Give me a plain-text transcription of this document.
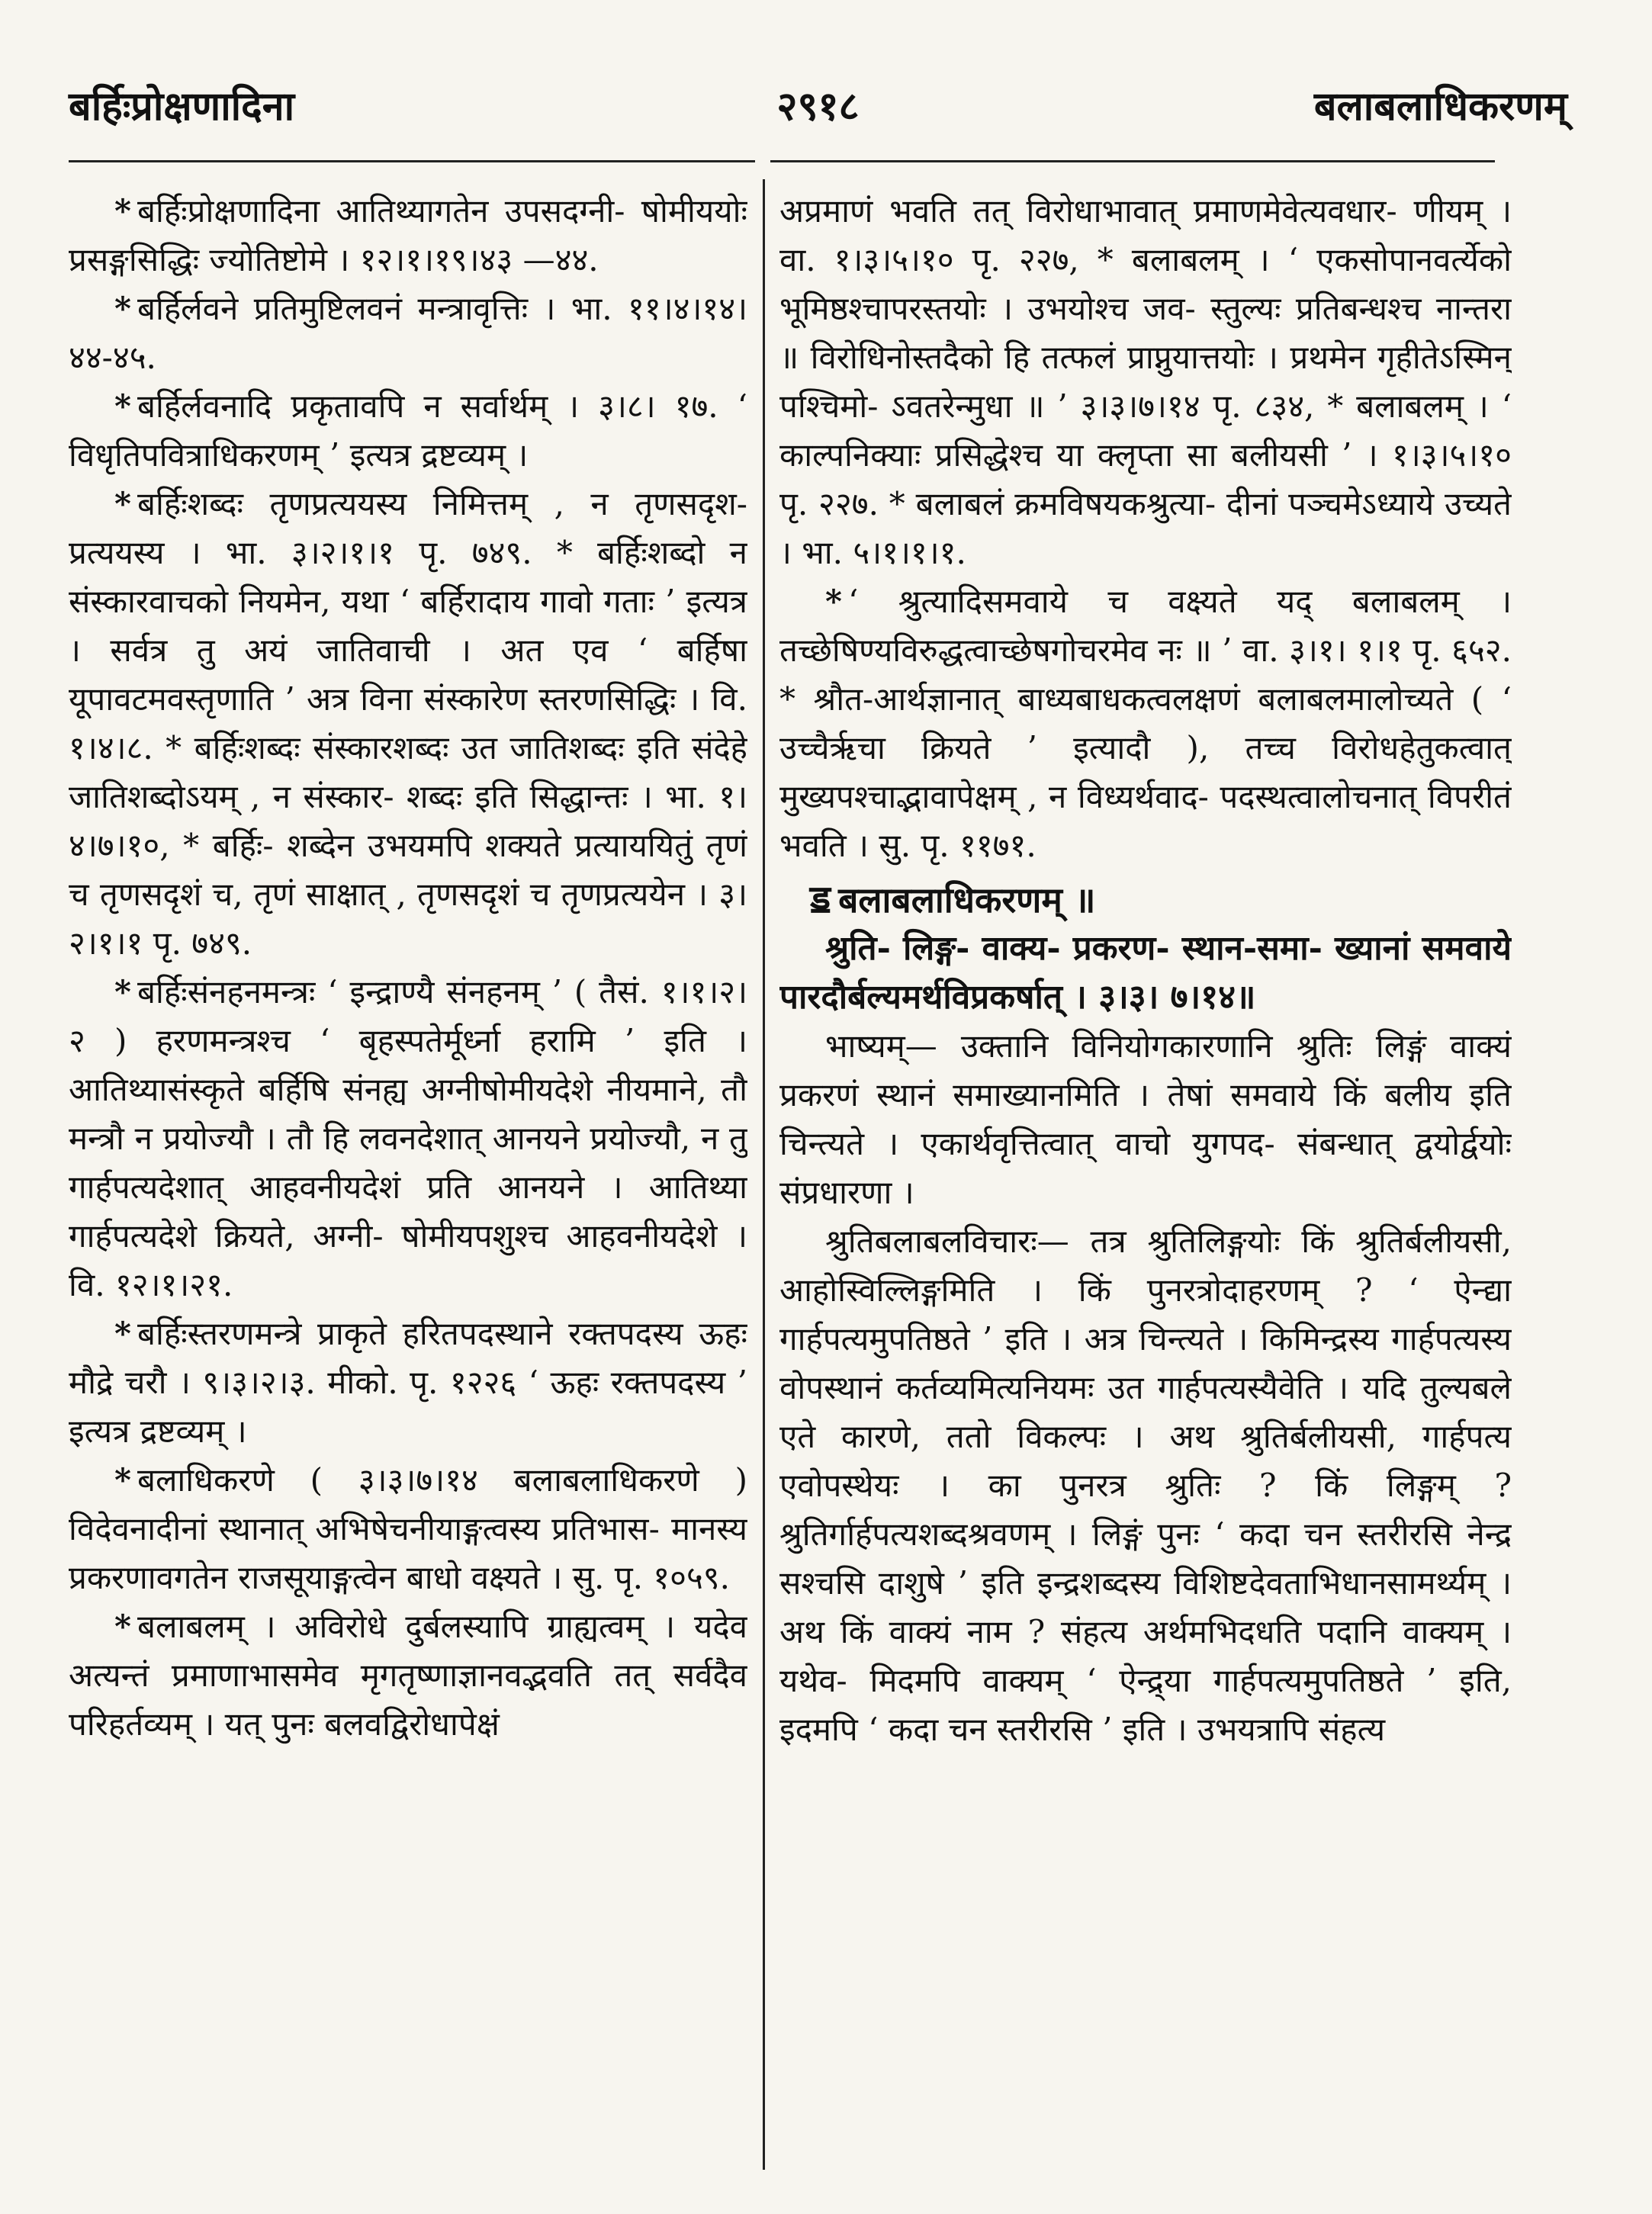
बर्हिःप्रोक्षणादिना	२९१८	बलाबलाधिकरणम्

* बर्हिःप्रोक्षणादिना आतिथ्यागतेन उपसदग्नी- षोमीययोः प्रसङ्गसिद्धिः ज्योतिष्टोमे । १२।१।१९।४३ —४४.

* बर्हिर्लवने प्रतिमुष्टिलवनं मन्त्रावृत्तिः । भा. ११।४।१४।४४-४५.

* बर्हिर्लवनादि प्रकृतावपि न सर्वार्थम् । ३।८। १७. ‘ विधृतिपवित्राधिकरणम् ’ इत्यत्र द्रष्टव्यम् ।

* बर्हिःशब्दः तृणप्रत्ययस्य निमित्तम् , न तृणसदृश- प्रत्ययस्य । भा. ३।२।१।१ पृ. ७४९. * बर्हिःशब्दो न संस्कारवाचको नियमेन, यथा ‘ बर्हिरादाय गावो गताः ’ इत्यत्र । सर्वत्र तु अयं जातिवाची । अत एव ‘ बर्हिषा यूपावटमवस्तृणाति ’ अत्र विना संस्कारेण स्तरणसिद्धिः । वि. १।४।८. * बर्हिःशब्दः संस्कारशब्दः उत जातिशब्दः इति संदेहे जातिशब्दोऽयम् , न संस्कार- शब्दः इति सिद्धान्तः । भा. १।४।७।१०, * बर्हिः- शब्देन उभयमपि शक्यते प्रत्याययितुं तृणं च तृणसदृशं च, तृणं साक्षात् , तृणसदृशं च तृणप्रत्ययेन । ३।२।१।१ पृ. ७४९.

* बर्हिःसंनहनमन्त्रः ‘ इन्द्राण्यै संनहनम् ’ ( तैसं. १।१।२।२ ) हरणमन्त्रश्च ‘ बृहस्पतेर्मूर्ध्ना हरामि ’ इति । आतिथ्यासंस्कृते बर्हिषि संनह्य अग्नीषोमीयदेशे नीयमाने, तौ मन्त्रौ न प्रयोज्यौ । तौ हि लवनदेशात् आनयने प्रयोज्यौ, न तु गार्हपत्यदेशात् आहवनीयदेशं प्रति आनयने । आतिथ्या गार्हपत्यदेशे क्रियते, अग्नी- षोमीयपशुश्च आहवनीयदेशे । वि. १२।१।२१.

* बर्हिःस्तरणमन्त्रे प्राकृते हरितपदस्थाने रक्तपदस्य ऊहः मौद्रे चरौ । ९।३।२।३. मीको. पृ. १२२६ ‘ ऊहः रक्तपदस्य ’ इत्यत्र द्रष्टव्यम् ।

* बलाधिकरणे ( ३।३।७।१४ बलाबलाधिकरणे ) विदेवनादीनां स्थानात् अभिषेचनीयाङ्गत्वस्य प्रतिभास- मानस्य प्रकरणावगतेन राजसूयाङ्गत्वेन बाधो वक्ष्यते । सु. पृ. १०५९.

* बलाबलम् । अविरोधे दुर्बलस्यापि ग्राह्यत्वम् । यदेव अत्यन्तं प्रमाणाभासमेव मृगतृष्णाज्ञानवद्भवति तत् सर्वदैव परिहर्तव्यम् । यत् पुनः बलवद्विरोधापेक्षं

अप्रमाणं भवति तत् विरोधाभावात् प्रमाणमेवेत्यवधार- णीयम् । वा. १।३।५।१० पृ. २२७, * बलाबलम् । ‘ एकसोपानवर्त्येको भूमिष्ठश्चापरस्तयोः । उभयोश्च जव- स्तुल्यः प्रतिबन्धश्च नान्तरा ॥ विरोधिनोस्तदैको हि तत्फलं प्राप्नुयात्तयोः । प्रथमेन गृहीतेऽस्मिन् पश्चिमो- ऽवतरेन्मुधा ॥ ’ ३।३।७।१४ पृ. ८३४, * बलाबलम् । ‘ काल्पनिक्याः प्रसिद्धेश्च या क्लृप्ता सा बलीयसी ’ । १।३।५।१० पृ. २२७. * बलाबलं क्रमविषयकश्रुत्या- दीनां पञ्चमेऽध्याये उच्यते । भा. ५।१।१।१.

* ‘ श्रुत्यादिसमवाये च वक्ष्यते यद् बलाबलम् । तच्छेषिण्यविरुद्धत्वाच्छेषगोचरमेव नः ॥ ’ वा. ३।१। १।१ पृ. ६५२. * श्रौत-आर्थज्ञानात् बाध्यबाधकत्वलक्षणं बलाबलमालोच्यते ( ‘ उच्चैर्ऋचा क्रियते ’ इत्यादौ ), तच्च विरोधहेतुकत्वात् मुख्यपश्चाद्भावापेक्षम् , न विध्यर्थवाद- पदस्थत्वालोचनात् विपरीतं भवति । सु. पृ. ११७१.

ॾ बलाबलाधिकरणम् ॥

श्रुति- लिङ्ग- वाक्य- प्रकरण- स्थान-समा- ख्यानां समवाये पारदौर्बल्यमर्थविप्रकर्षात् । ३।३। ७।१४॥

भाष्यम्— उक्तानि विनियोगकारणानि श्रुतिः लिङ्गं वाक्यं प्रकरणं स्थानं समाख्यानमिति । तेषां समवाये किं बलीय इति चिन्त्यते । एकार्थवृत्तित्वात् वाचो युगपद- संबन्धात् द्वयोर्द्वयोः संप्रधारणा ।

श्रुतिबलाबलविचारः— तत्र श्रुतिलिङ्गयोः किं श्रुतिर्बलीयसी, आहोस्विल्लिङ्गमिति । किं पुनरत्रोदाहरणम् ? ‘ ऐन्द्या गार्हपत्यमुपतिष्ठते ’ इति । अत्र चिन्त्यते । किमिन्द्रस्य गार्हपत्यस्य वोपस्थानं कर्तव्यमित्यनियमः उत गार्हपत्यस्यैवेति । यदि तुल्यबले एते कारणे, ततो विकल्पः । अथ श्रुतिर्बलीयसी, गार्हपत्य एवोपस्थेयः । का पुनरत्र श्रुतिः ? किं लिङ्गम् ? श्रुतिर्गार्हपत्यशब्दश्रवणम् । लिङ्गं पुनः ‘ कदा चन स्तरीरसि नेन्द्र सश्चसि दाशुषे ’ इति इन्द्रशब्दस्य विशिष्टदेवताभिधानसामर्थ्यम् । अथ किं वाक्यं नाम ? संहत्य अर्थमभिदधति पदानि वाक्यम् । यथेव- मिदमपि वाक्यम् ‘ ऐन्द्र्या गार्हपत्यमुपतिष्ठते ’ इति, इदमपि ‘ कदा चन स्तरीरसि ’ इति । उभयत्रापि संहत्य
